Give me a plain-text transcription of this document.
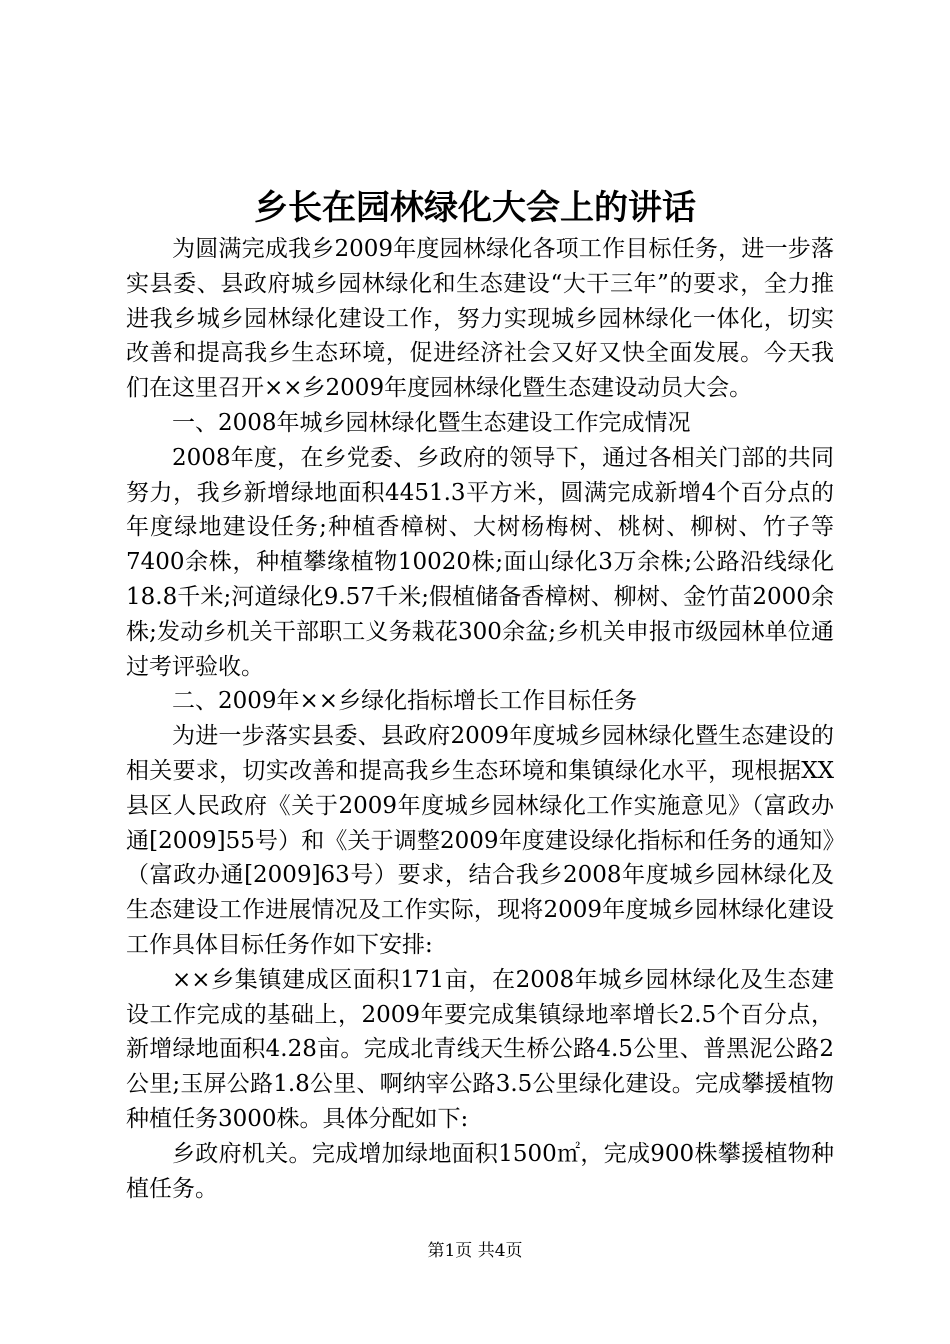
乡长在园林绿化大会上的讲话

为圆满完成我乡2009年度园林绿化各项工作目标任务，进一步落实县委、县政府城乡园林绿化和生态建设“大干三年”的要求，全力推进我乡城乡园林绿化建设工作，努力实现城乡园林绿化一体化，切实改善和提高我乡生态环境，促进经济社会又好又快全面发展。今天我们在这里召开××乡2009年度园林绿化暨生态建设动员大会。

一、2008年城乡园林绿化暨生态建设工作完成情况

2008年度，在乡党委、乡政府的领导下，通过各相关门部的共同努力，我乡新增绿地面积4451.3平方米，圆满完成新增4个百分点的年度绿地建设任务;种植香樟树、大树杨梅树、桃树、柳树、竹子等7400余株，种植攀缘植物10020株;面山绿化3万余株;公路沿线绿化18.8千米;河道绿化9.57千米;假植储备香樟树、柳树、金竹苗2000余株;发动乡机关干部职工义务栽花300余盆;乡机关申报市级园林单位通过考评验收。

二、2009年××乡绿化指标增长工作目标任务

为进一步落实县委、县政府2009年度城乡园林绿化暨生态建设的相关要求，切实改善和提高我乡生态环境和集镇绿化水平，现根据XX县区人民政府《关于2009年度城乡园林绿化工作实施意见》（富政办通[2009]55号）和《关于调整2009年度建设绿化指标和任务的通知》（富政办通[2009]63号）要求，结合我乡2008年度城乡园林绿化及生态建设工作进展情况及工作实际，现将2009年度城乡园林绿化建设工作具体目标任务作如下安排:

××乡集镇建成区面积171亩，在2008年城乡园林绿化及生态建设工作完成的基础上，2009年要完成集镇绿地率增长2.5个百分点，新增绿地面积4.28亩。完成北青线天生桥公路4.5公里、普黑泥公路2公里;玉屏公路1.8公里、啊纳宰公路3.5公里绿化建设。完成攀援植物种植任务3000株。具体分配如下:

乡政府机关。完成增加绿地面积1500㎡，完成900株攀援植物种植任务。

第1页 共4页
